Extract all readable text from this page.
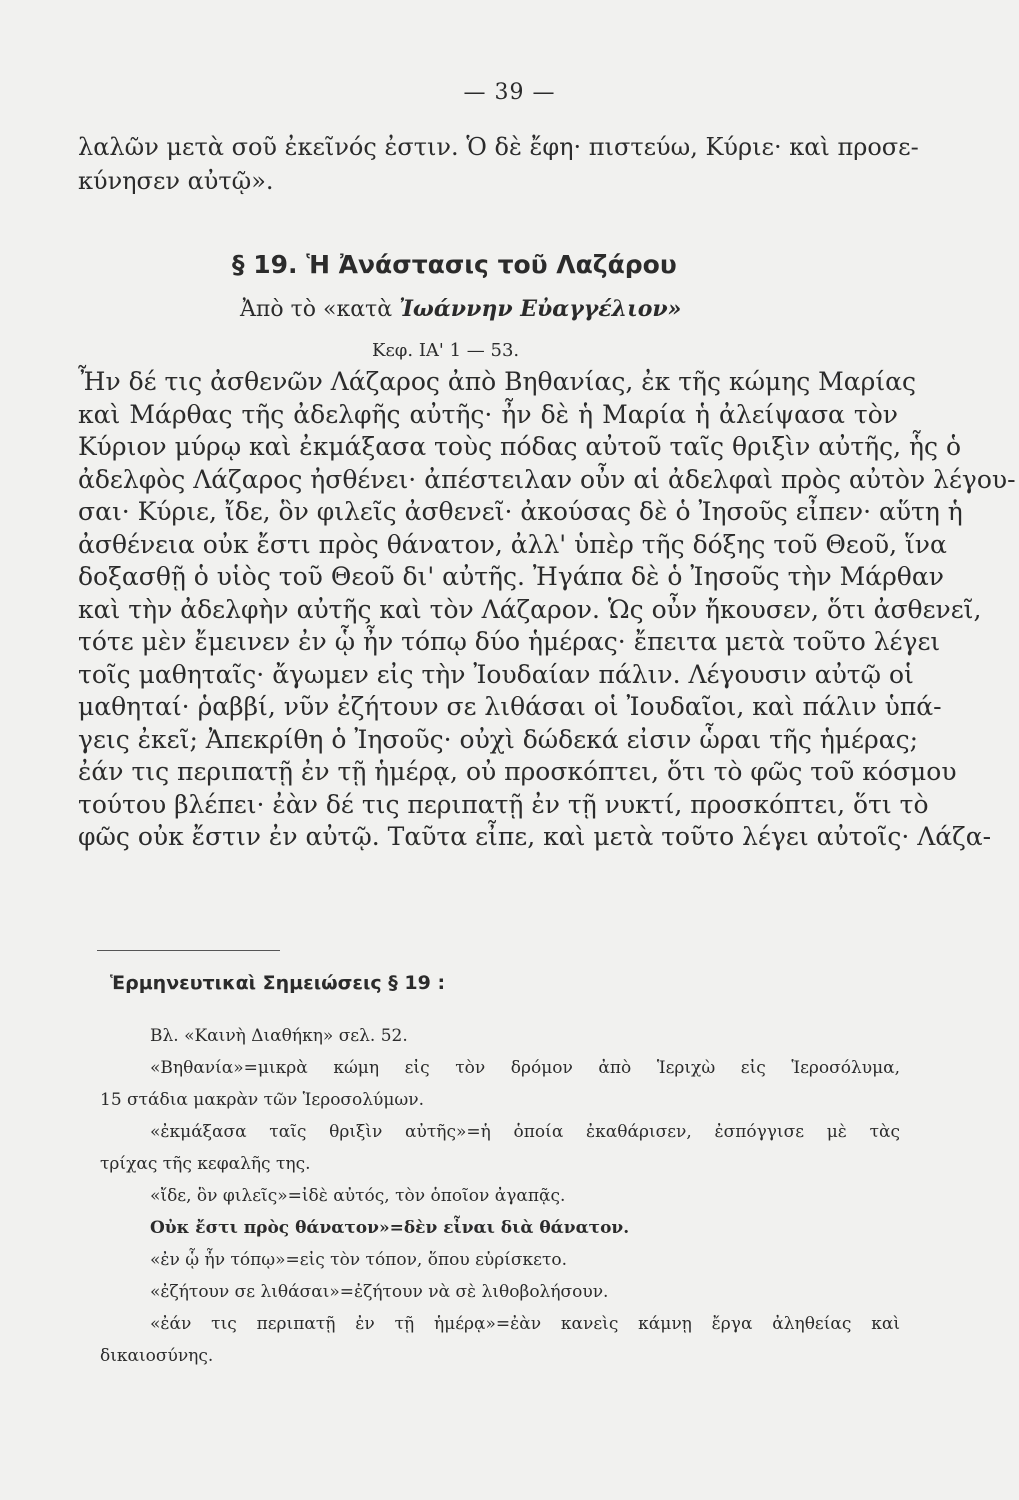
— 39 —
λαλῶν μετὰ σοῦ ἐκεῖνός ἐστιν. Ὁ δὲ ἔφη· πιστεύω, Κύριε· καὶ προσε-
κύνησεν αὐτῷ».
§ 19. Ἡ Ἀνάστασις τοῦ Λαζάρου
Ἀπὸ τὸ «κατὰ Ἰωάννην Εὐαγγέλιον»
Κεφ. ΙΑ' 1 — 53.
Ἦν δέ τις ἀσθενῶν Λάζαρος ἀπὸ Βηθανίας, ἐκ τῆς κώμης Μαρίας
καὶ Μάρθας τῆς ἀδελφῆς αὐτῆς· ἦν δὲ ἡ Μαρία ἡ ἀλείψασα τὸν
Κύριον μύρῳ καὶ ἐκμάξασα τοὺς πόδας αὐτοῦ ταῖς θριξὶν αὐτῆς, ἧς ὁ
ἀδελφὸς Λάζαρος ἠσθένει· ἀπέστειλαν οὖν αἱ ἀδελφαὶ πρὸς αὐτὸν λέγου-
σαι· Κύριε, ἴδε, ὃν φιλεῖς ἀσθενεῖ· ἀκούσας δὲ ὁ Ἰησοῦς εἶπεν· αὕτη ἡ
ἀσθένεια οὐκ ἔστι πρὸς θάνατον, ἀλλ' ὑπὲρ τῆς δόξης τοῦ Θεοῦ, ἵνα
δοξασθῇ ὁ υἱὸς τοῦ Θεοῦ δι' αὐτῆς. Ἠγάπα δὲ ὁ Ἰησοῦς τὴν Μάρθαν
καὶ τὴν ἀδελφὴν αὐτῆς καὶ τὸν Λάζαρον. Ὡς οὖν ἤκουσεν, ὅτι ἀσθενεῖ,
τότε μὲν ἔμεινεν ἐν ᾧ ἦν τόπῳ δύο ἡμέρας· ἔπειτα μετὰ τοῦτο λέγει
τοῖς μαθηταῖς· ἄγωμεν εἰς τὴν Ἰουδαίαν πάλιν. Λέγουσιν αὐτῷ οἱ
μαθηταί· ῥαββί, νῦν ἐζήτουν σε λιθάσαι οἱ Ἰουδαῖοι, καὶ πάλιν ὑπά-
γεις ἐκεῖ; Ἀπεκρίθη ὁ Ἰησοῦς· οὐχὶ δώδεκά εἰσιν ὧραι τῆς ἡμέρας;
ἐάν τις περιπατῇ ἐν τῇ ἡμέρᾳ, οὐ προσκόπτει, ὅτι τὸ φῶς τοῦ κόσμου
τούτου βλέπει· ἐὰν δέ τις περιπατῇ ἐν τῇ νυκτί, προσκόπτει, ὅτι τὸ
φῶς οὐκ ἔστιν ἐν αὐτῷ. Ταῦτα εἶπε, καὶ μετὰ τοῦτο λέγει αὐτοῖς· Λάζα-
Ἑρμηνευτικαὶ Σημειώσεις § 19 :
Βλ. «Καινὴ Διαθήκη» σελ. 52.
«Βηθανία»=μικρὰ κώμη εἰς τὸν δρόμον ἀπὸ Ἱεριχὼ εἰς Ἱεροσόλυμα,
15 στάδια μακρὰν τῶν Ἱεροσολύμων.
«ἐκμάξασα ταῖς θριξὶν αὐτῆς»=ἡ ὁποία ἐκαθάρισεν, ἐσπόγγισε μὲ τὰς
τρίχας τῆς κεφαλῆς της.
«ἴδε, ὃν φιλεῖς»=ἰδὲ αὐτός, τὸν ὁποῖον ἀγαπᾷς.
Οὐκ ἔστι πρὸς θάνατον»=δὲν εἶναι διὰ θάνατον.
«ἐν ᾧ ἦν τόπῳ»=εἰς τὸν τόπον, ὅπου εὑρίσκετο.
«ἐζήτουν σε λιθάσαι»=ἐζήτουν νὰ σὲ λιθοβολήσουν.
«ἐάν τις περιπατῇ ἐν τῇ ἡμέρᾳ»=ἐὰν κανεὶς κάμνῃ ἔργα ἀληθείας καὶ
δικαιοσύνης.
